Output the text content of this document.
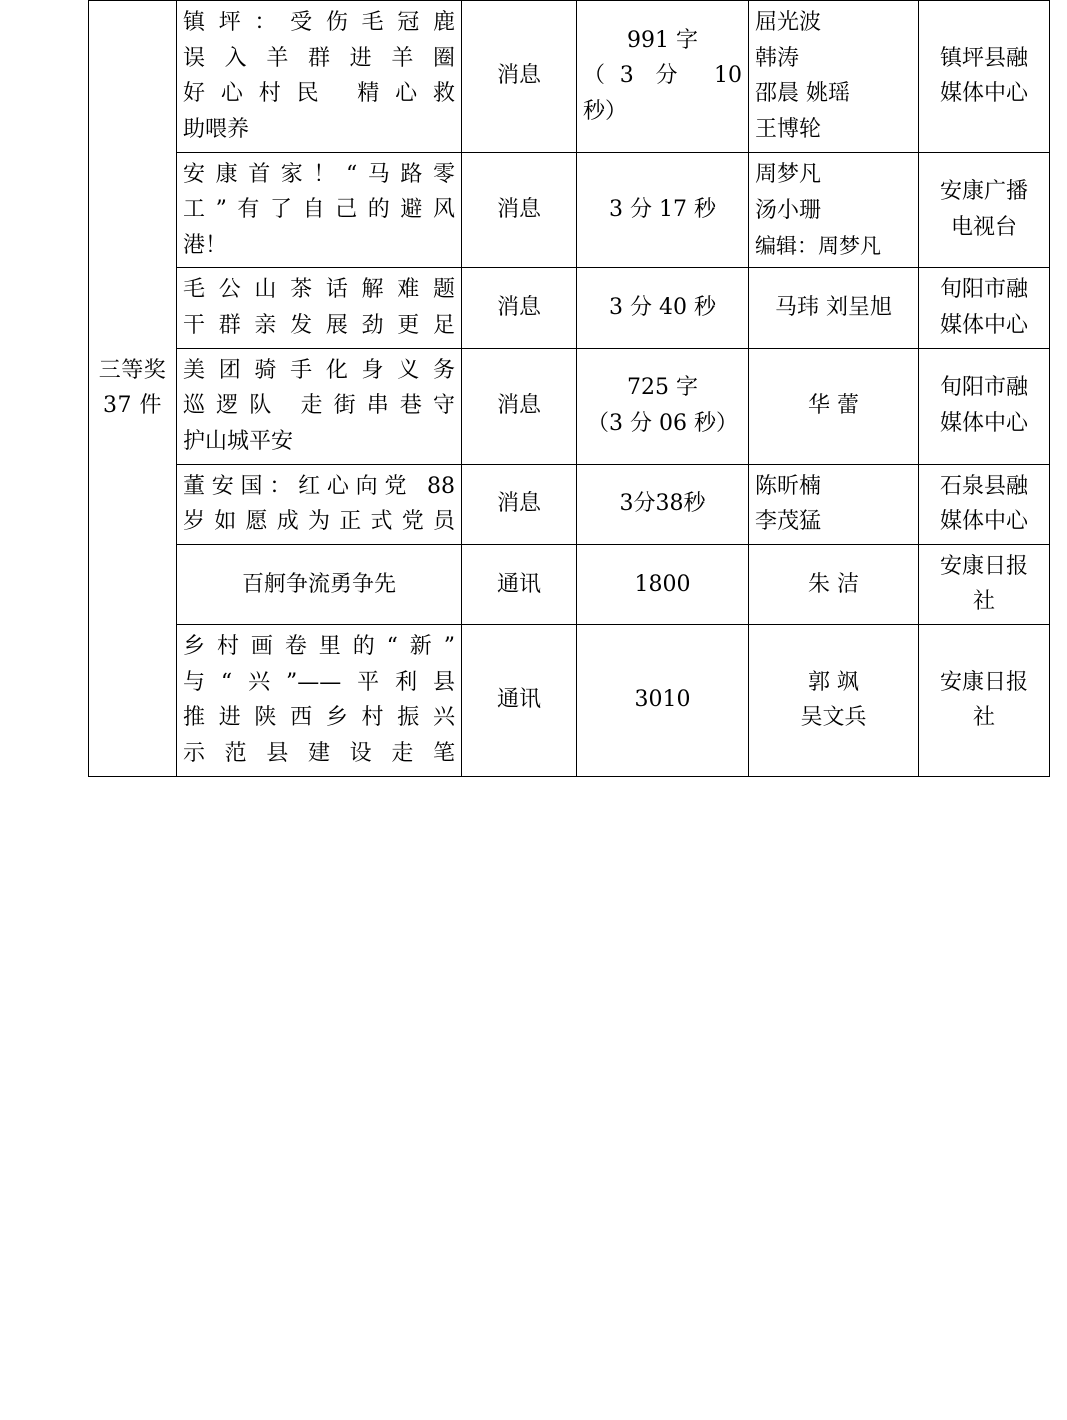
三等奖
37 件	镇坪：受伤毛冠鹿
误入羊群进羊圈
好心村民 精心救
助喂养	消息	991 字
（3 分 10
秒）	屈光波
韩涛
邵晨 姚瑶
王博轮	镇坪县融
媒体中心

	安康首家！“马路零
工”有了自己的避风
港！	消息	3 分 17 秒	周梦凡
汤小珊
编辑：周梦凡	安康广播
电视台

	毛公山茶话解难题
干群亲发展劲更足	消息	3 分 40 秒	马玮 刘呈旭	旬阳市融
媒体中心

	美团骑手化身义务
巡逻队 走街串巷守
护山城平安	消息	725 字
（3 分 06 秒）	华 蕾	旬阳市融
媒体中心

	董安国：红心向党 88
岁如愿成为正式党员	消息	3分38秒	陈昕楠
李茂猛	石泉县融
媒体中心

	百舸争流勇争先	通讯	1800	朱 洁	安康日报
社

	乡村画卷里的“新”
与“兴”——平利县
推进陕西乡村振兴
示范县建设走笔	通讯	3010	郭 飒
吴文兵	安康日报
社
